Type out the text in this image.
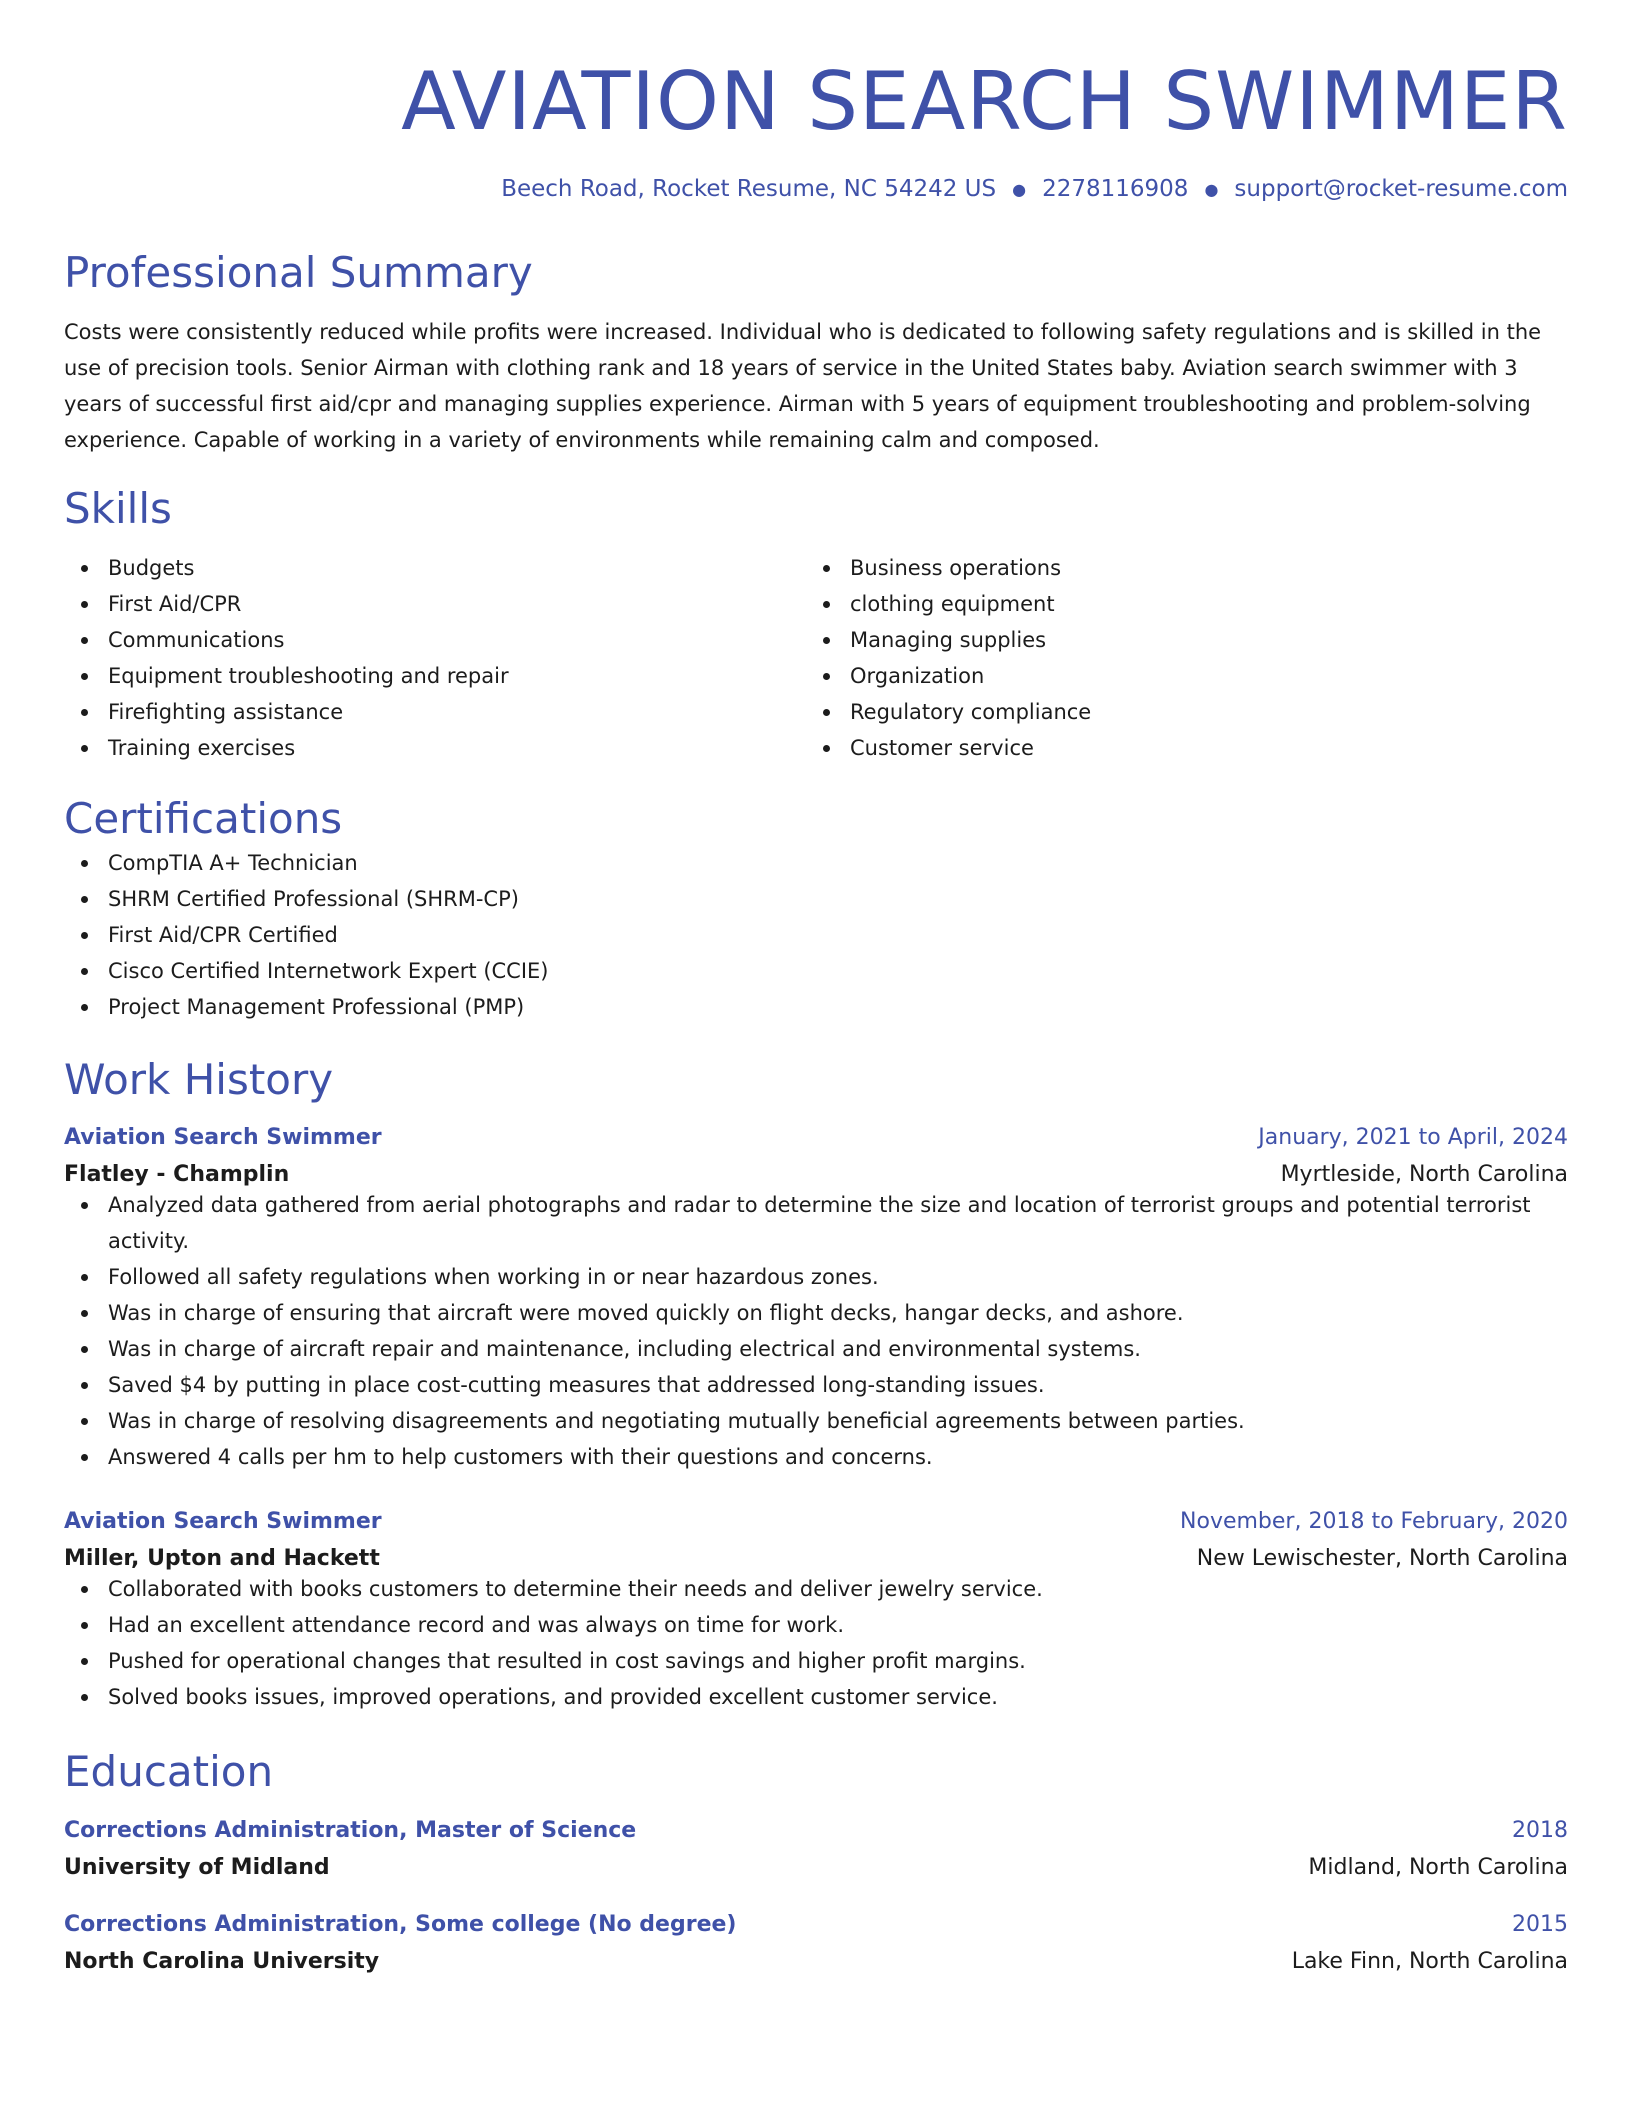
AVIATION SEARCH SWIMMER
Beech Road, Rocket Resume, NC 54242 US ● 2278116908 ● support@rocket-resume.com
Professional Summary
Costs were consistently reduced while profits were increased. Individual who is dedicated to following safety regulations and is skilled in the use of precision tools. Senior Airman with clothing rank and 18 years of service in the United States baby. Aviation search swimmer with 3 years of successful first aid/cpr and managing supplies experience. Airman with 5 years of equipment troubleshooting and problem-solving experience. Capable of working in a variety of environments while remaining calm and composed.
Skills
Budgets
First Aid/CPR
Communications
Equipment troubleshooting and repair
Firefighting assistance
Training exercises
Business operations
clothing equipment
Managing supplies
Organization
Regulatory compliance
Customer service
Certifications
CompTIA A+ Technician
SHRM Certified Professional (SHRM-CP)
First Aid/CPR Certified
Cisco Certified Internetwork Expert (CCIE)
Project Management Professional (PMP)
Work History
Aviation Search Swimmer	January, 2021 to April, 2024
Flatley - Champlin	Myrtleside, North Carolina
Analyzed data gathered from aerial photographs and radar to determine the size and location of terrorist groups and potential terrorist activity.
Followed all safety regulations when working in or near hazardous zones.
Was in charge of ensuring that aircraft were moved quickly on flight decks, hangar decks, and ashore.
Was in charge of aircraft repair and maintenance, including electrical and environmental systems.
Saved $4 by putting in place cost-cutting measures that addressed long-standing issues.
Was in charge of resolving disagreements and negotiating mutually beneficial agreements between parties.
Answered 4 calls per hm to help customers with their questions and concerns.
Aviation Search Swimmer	November, 2018 to February, 2020
Miller, Upton and Hackett	New Lewischester, North Carolina
Collaborated with books customers to determine their needs and deliver jewelry service.
Had an excellent attendance record and was always on time for work.
Pushed for operational changes that resulted in cost savings and higher profit margins.
Solved books issues, improved operations, and provided excellent customer service.
Education
Corrections Administration, Master of Science	2018
University of Midland	Midland, North Carolina
Corrections Administration, Some college (No degree)	2015
North Carolina University	Lake Finn, North Carolina
